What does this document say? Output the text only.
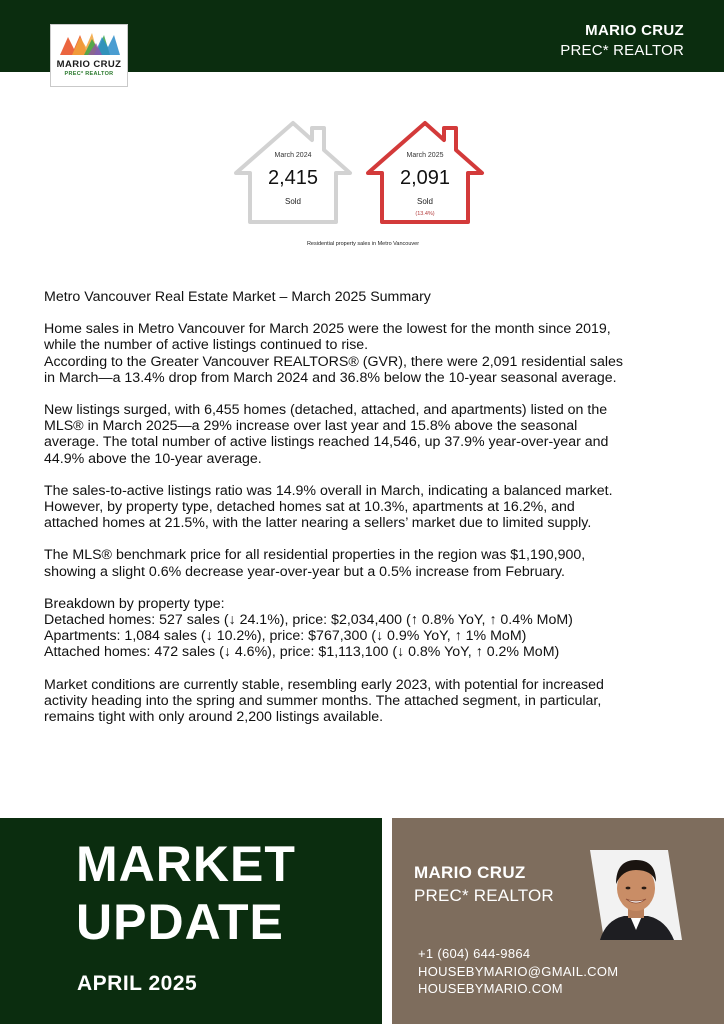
MARIO CRUZ
PREC* REALTOR
MARIO CRUZ
PREC* REALTOR
March 2024
2,415
Sold
March 2025
2,091
Sold
(13.4%)
Residential property sales in Metro Vancouver

Metro Vancouver Real Estate Market – March 2025 Summary

Home sales in Metro Vancouver for March 2025 were the lowest for the month since 2019,
while the number of active listings continued to rise.
According to the Greater Vancouver REALTORS® (GVR), there were 2,091 residential sales
in March—a 13.4% drop from March 2024 and 36.8% below the 10-year seasonal average.

New listings surged, with 6,455 homes (detached, attached, and apartments) listed on the
MLS® in March 2025—a 29% increase over last year and 15.8% above the seasonal
average. The total number of active listings reached 14,546, up 37.9% year-over-year and
44.9% above the 10-year average.

The sales-to-active listings ratio was 14.9% overall in March, indicating a balanced market.
However, by property type, detached homes sat at 10.3%, apartments at 16.2%, and
attached homes at 21.5%, with the latter nearing a sellers’ market due to limited supply.

The MLS® benchmark price for all residential properties in the region was $1,190,900,
showing a slight 0.6% decrease year-over-year but a 0.5% increase from February.

Breakdown by property type:
Detached homes: 527 sales (↓ 24.1%), price: $2,034,400 (↑ 0.8% YoY, ↑ 0.4% MoM)
Apartments: 1,084 sales (↓ 10.2%), price: $767,300 (↓ 0.9% YoY, ↑ 1% MoM)
Attached homes: 472 sales (↓ 4.6%), price: $1,113,100 (↓ 0.8% YoY, ↑ 0.2% MoM)

Market conditions are currently stable, resembling early 2023, with potential for increased
activity heading into the spring and summer months. The attached segment, in particular,
remains tight with only around 2,200 listings available.

MARKET
UPDATE
APRIL 2025
MARIO CRUZ
PREC* REALTOR
+1 (604) 644-9864
HOUSEBYMARIO@GMAIL.COM
HOUSEBYMARIO.COM
